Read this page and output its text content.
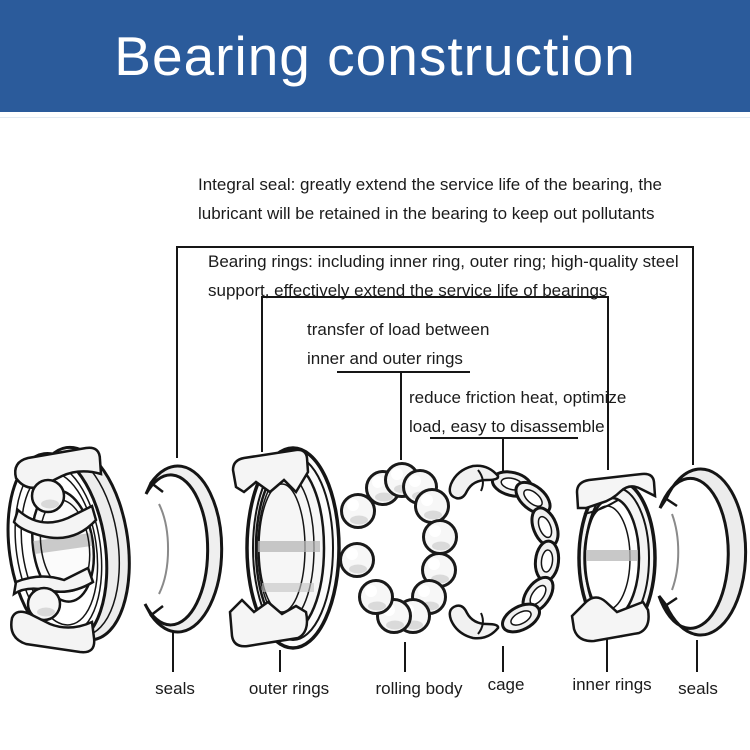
Bearing construction
Integral seal: greatly extend the service life of the bearing, the
lubricant will be retained in the bearing to keep out pollutants
Bearing rings: including inner ring, outer ring; high-quality steel
support, effectively extend the service life of bearings
transfer of load between
inner and outer rings
reduce friction heat, optimize
load, easy to disassemble
seals	outer rings	rolling body cage	inner rings seals
